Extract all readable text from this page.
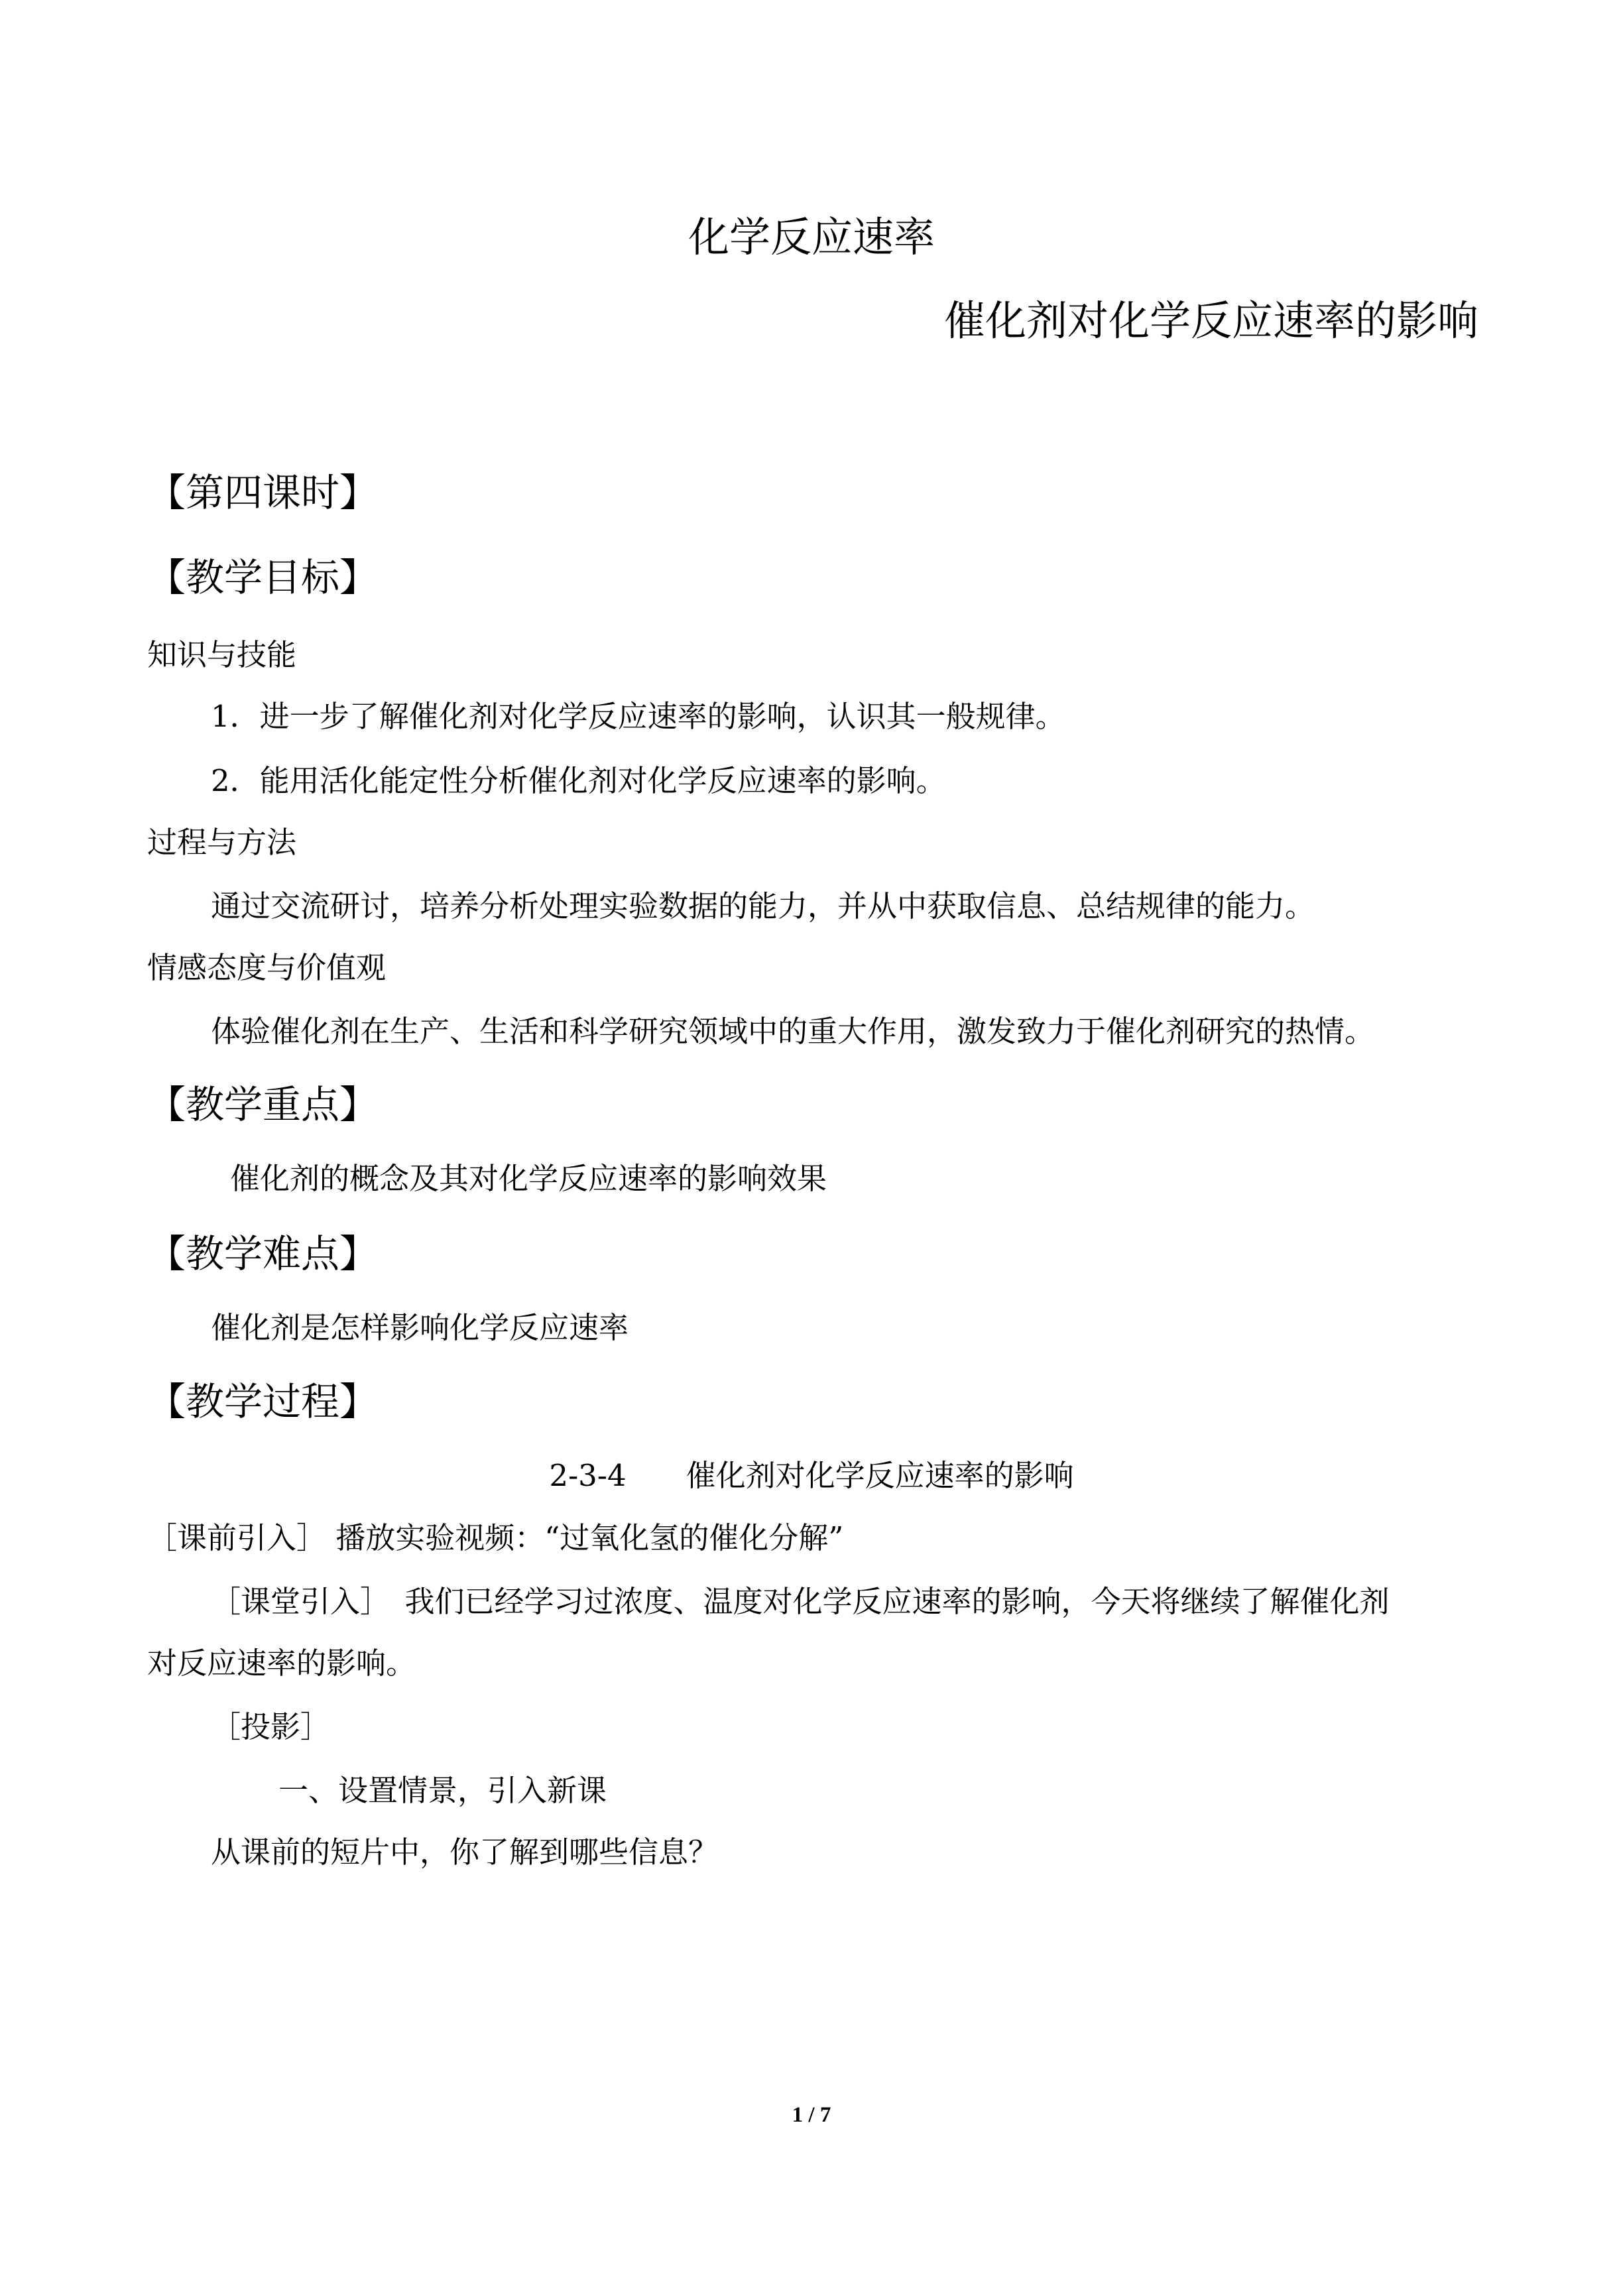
化学反应速率
催化剂对化学反应速率的影响
【第四课时】
【教学目标】
知识与技能
1．进一步了解催化剂对化学反应速率的影响，认识其一般规律。
2．能用活化能定性分析催化剂对化学反应速率的影响。
过程与方法
通过交流研讨，培养分析处理实验数据的能力，并从中获取信息、总结规律的能力。
情感态度与价值观
体验催化剂在生产、生活和科学研究领域中的重大作用，激发致力于催化剂研究的热情。
【教学重点】
催化剂的概念及其对化学反应速率的影响效果
【教学难点】
催化剂是怎样影响化学反应速率
【教学过程】
2-3-4　　催化剂对化学反应速率的影响
［课前引入］ 播放实验视频：“过氧化氢的催化分解”
［课堂引入］　我们已经学习过浓度、温度对化学反应速率的影响，今天将继续了解催化剂
对反应速率的影响。
［投影］
一、设置情景，引入新课
从课前的短片中，你了解到哪些信息？
1 / 7
